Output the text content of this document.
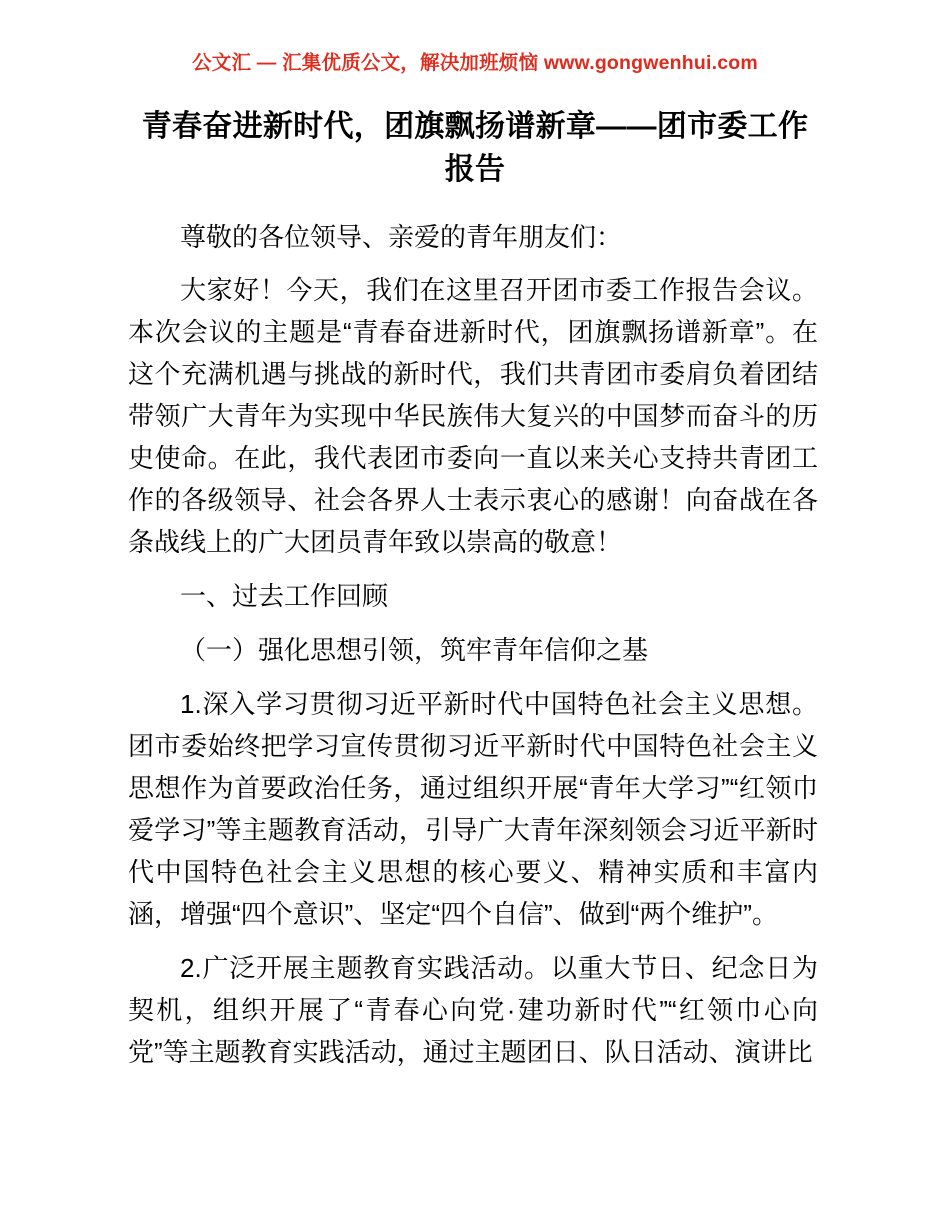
公文汇 — 汇集优质公文，解决加班烦恼 www.gongwenhui.com
青春奋进新时代，团旗飘扬谱新章——团市委工作报告

尊敬的各位领导、亲爱的青年朋友们：

大家好！今天，我们在这里召开团市委工作报告会议。本次会议的主题是“青春奋进新时代，团旗飘扬谱新章”。在这个充满机遇与挑战的新时代，我们共青团市委肩负着团结带领广大青年为实现中华民族伟大复兴的中国梦而奋斗的历史使命。在此，我代表团市委向一直以来关心支持共青团工作的各级领导、社会各界人士表示衷心的感谢！向奋战在各条战线上的广大团员青年致以崇高的敬意！

一、过去工作回顾

（一）强化思想引领，筑牢青年信仰之基

1.深入学习贯彻习近平新时代中国特色社会主义思想。团市委始终把学习宣传贯彻习近平新时代中国特色社会主义思想作为首要政治任务，通过组织开展“青年大学习”“红领巾爱学习”等主题教育活动，引导广大青年深刻领会习近平新时代中国特色社会主义思想的核心要义、精神实质和丰富内涵，增强“四个意识”、坚定“四个自信”、做到“两个维护”。

2.广泛开展主题教育实践活动。以重大节日、纪念日为契机，组织开展了“青春心向党·建功新时代”“红领巾心向党”等主题教育实践活动，通过主题团日、队日活动、演讲比
